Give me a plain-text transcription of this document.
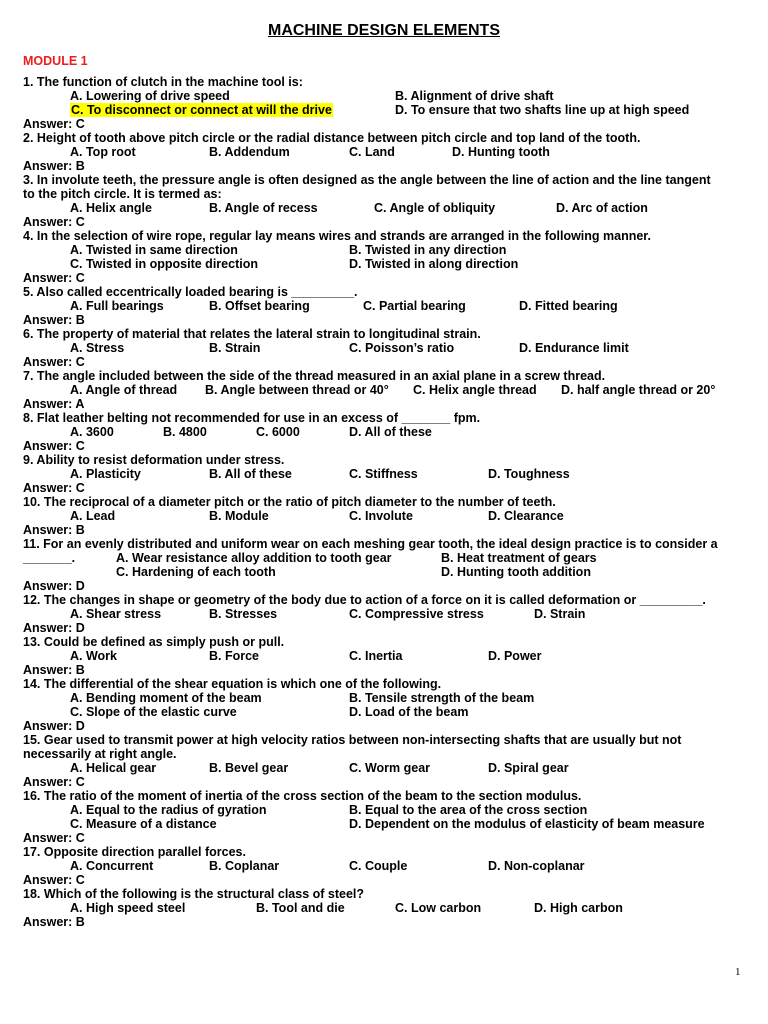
MACHINE DESIGN ELEMENTS
MODULE 1
1. The function of clutch in the machine tool is:
A. Lowering of drive speed	B. Alignment of drive shaft
C. To disconnect or connect at will the drive	D. To ensure that two shafts line up at high speed
Answer: C
2. Height of tooth above pitch circle or the radial distance between pitch circle and top land of the tooth.
A. Top root	B. Addendum	C. Land	D. Hunting tooth
Answer: B
3. In involute teeth, the pressure angle is often designed as the angle between the line of action and the line tangent
to the pitch circle. It is termed as:
A. Helix angle	B. Angle of recess	C. Angle of obliquity	D. Arc of action
Answer: C
4. In the selection of wire rope, regular lay means wires and strands are arranged in the following manner.
A. Twisted in same direction	B. Twisted in any direction
C. Twisted in opposite direction	D. Twisted in along direction
Answer: C
5. Also called eccentrically loaded bearing is _________.
A. Full bearings	B. Offset bearing	C. Partial bearing	D. Fitted bearing
Answer: B
6. The property of material that relates the lateral strain to longitudinal strain.
A. Stress	B. Strain	C. Poisson’s ratio	D. Endurance limit
Answer: C
7. The angle included between the side of the thread measured in an axial plane in a screw thread.
A. Angle of thread B. Angle between thread or 40° C. Helix angle thread D. half angle thread or 20°
Answer: A
8. Flat leather belting not recommended for use in an excess of _______ fpm.
A. 3600	B. 4800	C. 6000	D. All of these
Answer: C
9. Ability to resist deformation under stress.
A. Plasticity	B. All of these	C. Stiffness	D. Toughness
Answer: C
10. The reciprocal of a diameter pitch or the ratio of pitch diameter to the number of teeth.
A. Lead	B. Module	C. Involute	D. Clearance
Answer: B
11. For an evenly distributed and uniform wear on each meshing gear tooth, the ideal design practice is to consider a
_______.	A. Wear resistance alloy addition to tooth gear	B. Heat treatment of gears
C. Hardening of each tooth	D. Hunting tooth addition
Answer: D
12. The changes in shape or geometry of the body due to action of a force on it is called deformation or _________.
A. Shear stress	B. Stresses	C. Compressive stress	D. Strain
Answer: D
13. Could be defined as simply push or pull.
A. Work	B. Force	C. Inertia	D. Power
Answer: B
14. The differential of the shear equation is which one of the following.
A. Bending moment of the beam	B. Tensile strength of the beam
C. Slope of the elastic curve	D. Load of the beam
Answer: D
15. Gear used to transmit power at high velocity ratios between non-intersecting shafts that are usually but not
necessarily at right angle.
A. Helical gear	B. Bevel gear	C. Worm gear	D. Spiral gear
Answer: C
16. The ratio of the moment of inertia of the cross section of the beam to the section modulus.
A. Equal to the radius of gyration	B. Equal to the area of the cross section
C. Measure of a distance	D. Dependent on the modulus of elasticity of beam measure
Answer: C
17. Opposite direction parallel forces.
A. Concurrent	B. Coplanar	C. Couple	D. Non-coplanar
Answer: C
18. Which of the following is the structural class of steel?
A. High speed steel	B. Tool and die	C. Low carbon	D. High carbon
Answer: B
1
